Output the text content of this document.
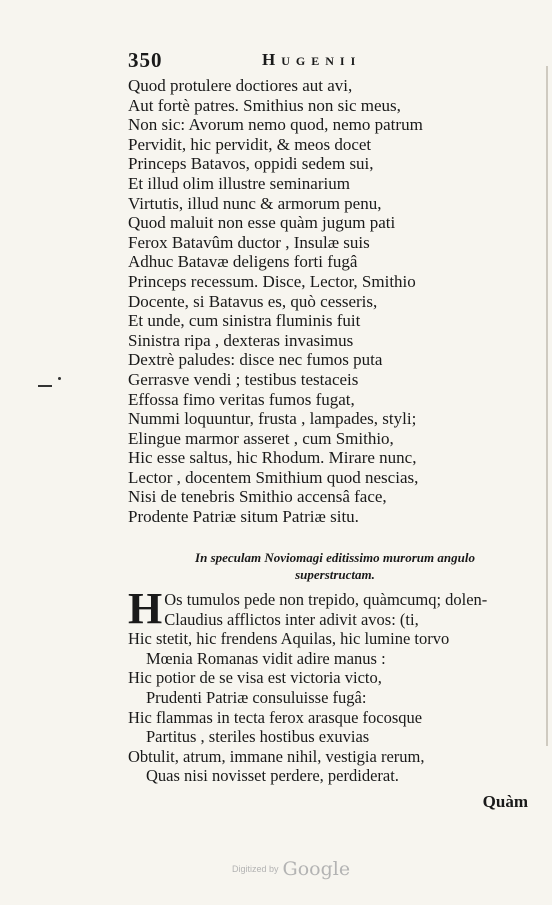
350	Hugenii
Quod protulere doctiores aut avi,
Aut fortè patres. Smithius non sic meus,
Non sic: Avorum nemo quod, nemo patrum
Pervidit, hic pervidit, & meos docet
Princeps Batavos, oppidi sedem sui,
Et illud olim illustre seminarium
Virtutis, illud nunc & armorum penu,
Quod maluit non esse quàm jugum pati
Ferox Batavûm ductor , Insulæ suis
Adhuc Batavæ deligens forti fugâ
Princeps recessum. Disce, Lector, Smithio
Docente, si Batavus es, quò cesseris,
Et unde, cum sinistra fluminis fuit
Sinistra ripa , dexteras invasimus
Dextrè paludes: disce nec fumos puta
Gerrasve vendi ; testibus testaceis
Effossa fimo veritas fumos fugat,
Nummi loquuntur, frusta , lampades, styli;
Elingue marmor asseret , cum Smithio,
Hic esse saltus, hic Rhodum. Mirare nunc,
Lector , docentem Smithium quod nescias,
Nisi de tenebris Smithio accensâ face,
Prodente Patriæ situm Patriæ situ.
In speculam Noviomagi editissimo murorum angulo
superstructam.
H Os tumulos pede non trepido, quàmcumq; dolen-
Claudius afflictos inter adivit avos: (ti,
Hic stetit, hic frendens Aquilas, hic lumine torvo
Mœnia Romanas vidit adire manus :
Hic potior de se visa est victoria victo,
Prudenti Patriæ consuluisse fugâ:
Hic flammas in tecta ferox arasque focosque
Partitus , steriles hostibus exuvias
Obtulit, atrum, immane nihil, vestigia rerum,
Quas nisi novisset perdere, perdiderat.
Quàm
Digitized by Google
